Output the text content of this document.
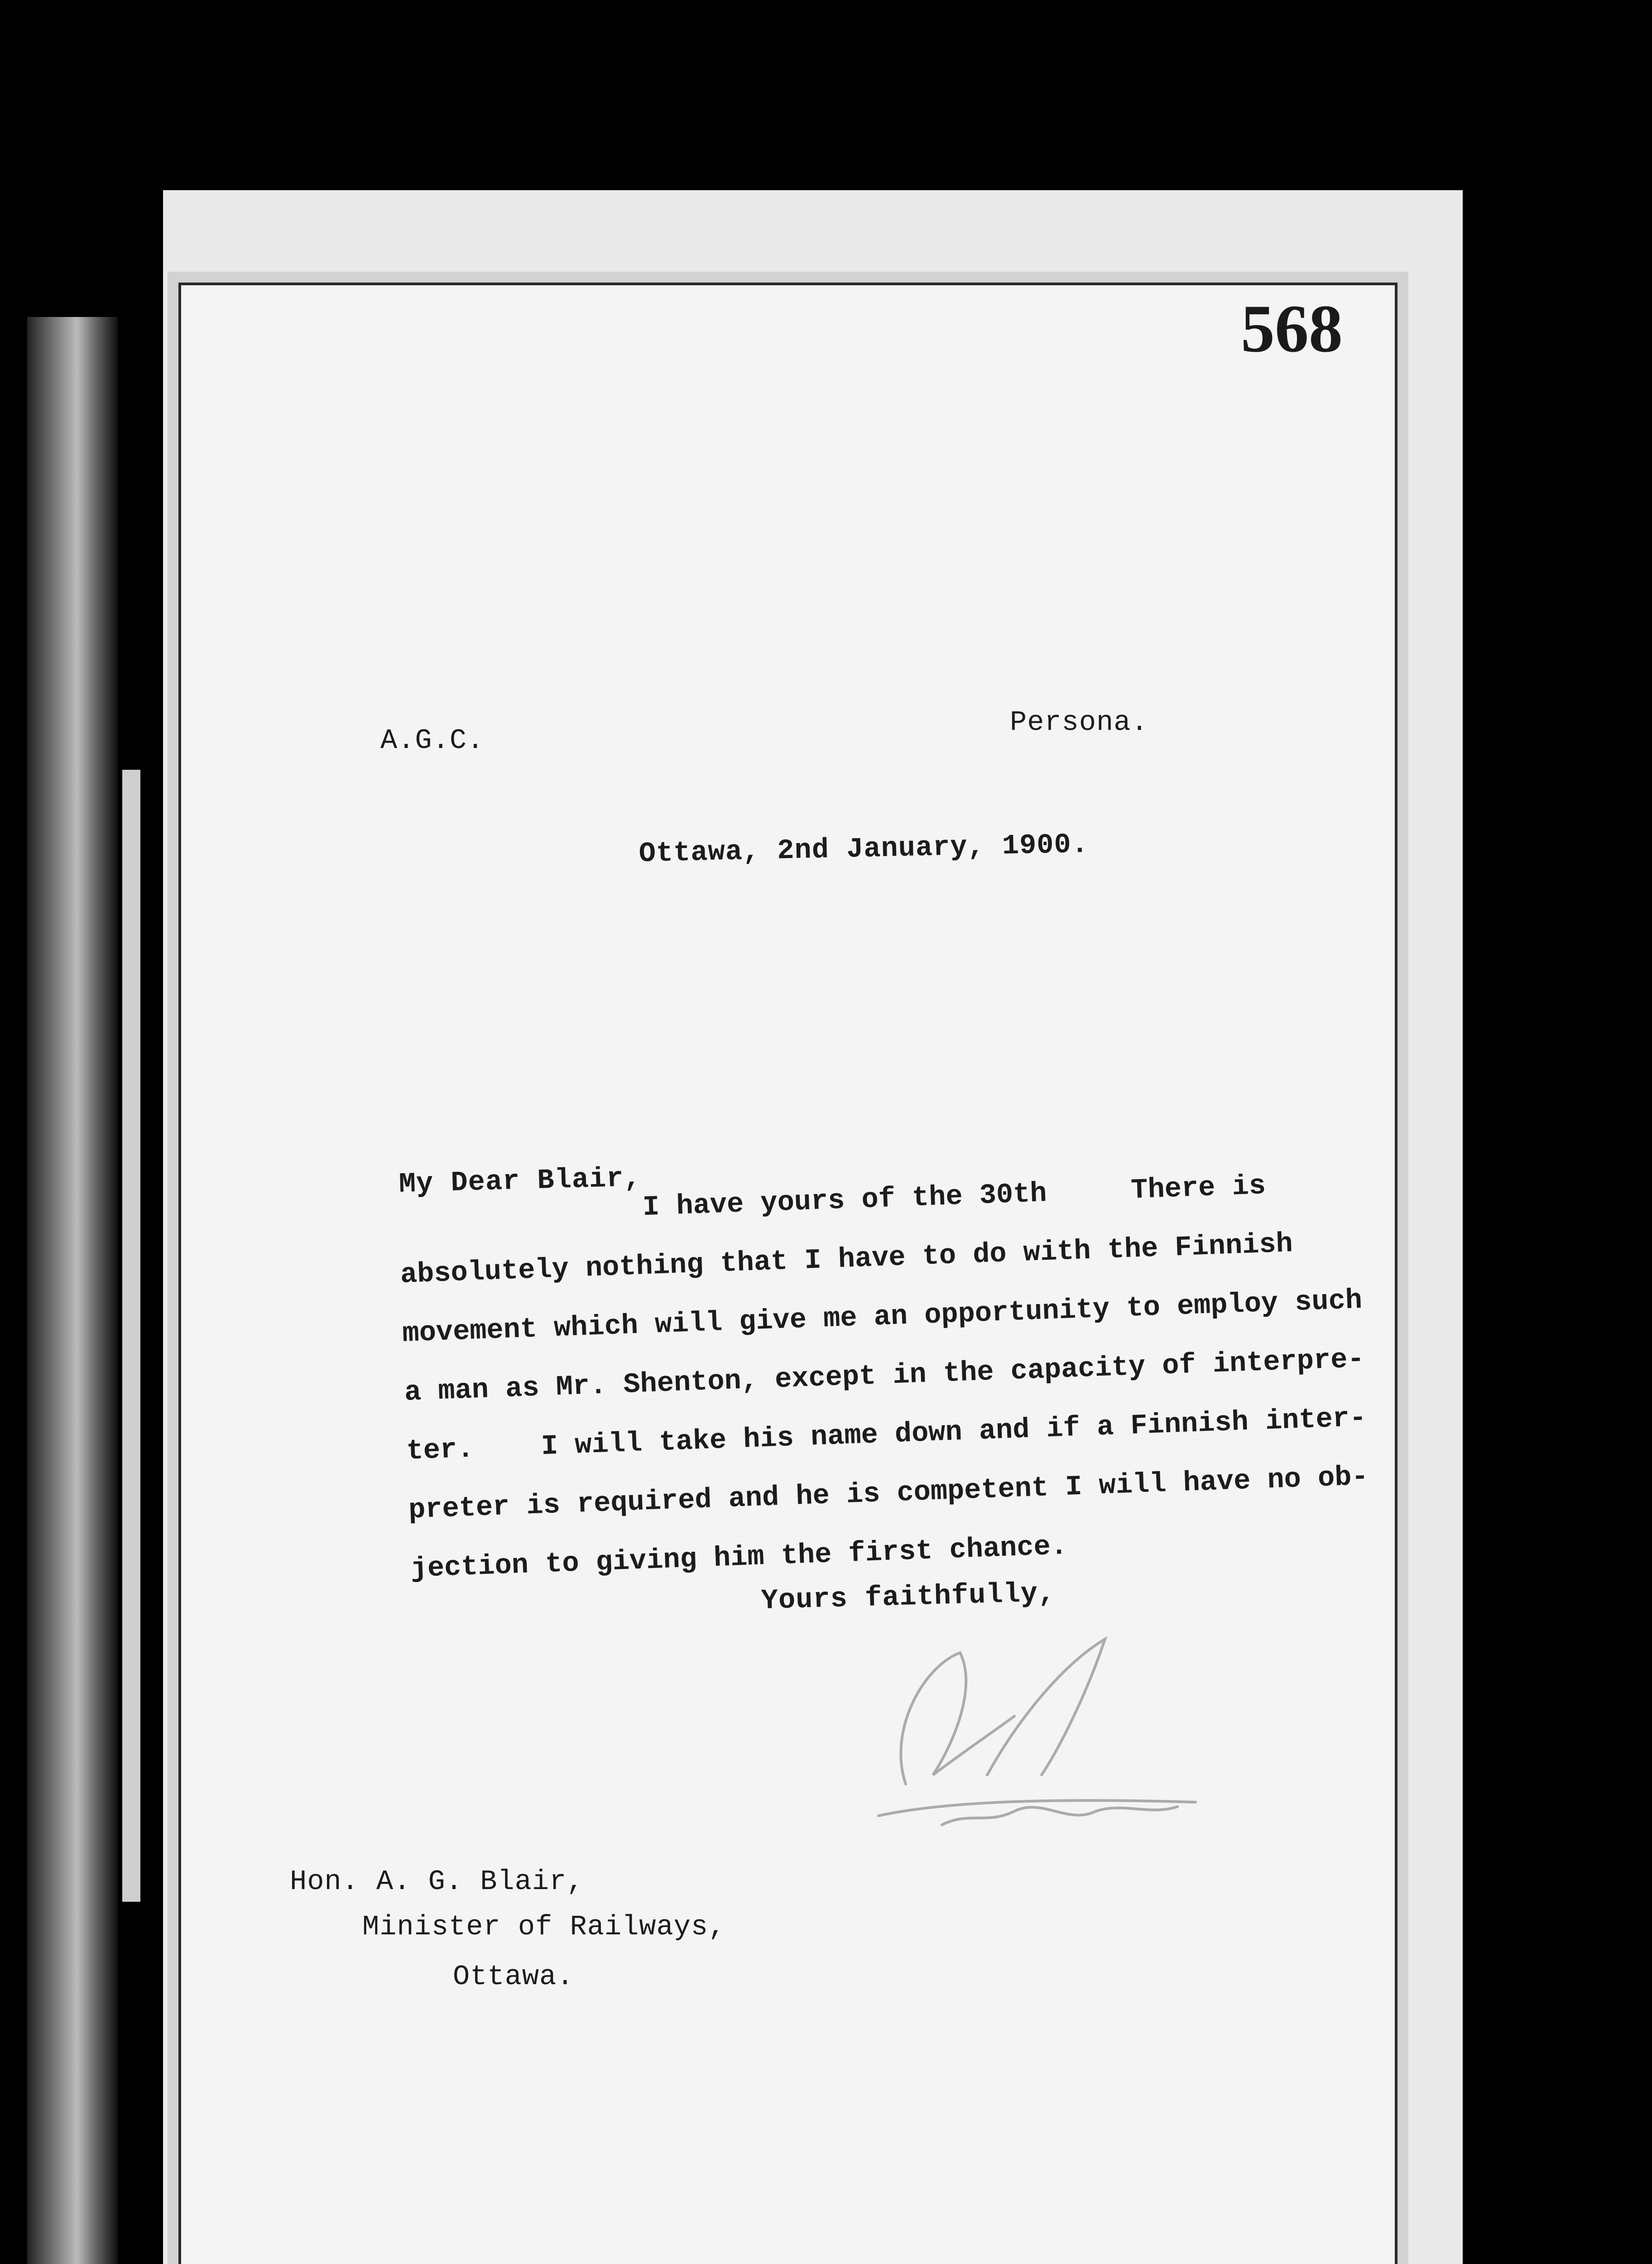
568
A.G.C.
Persona.
Ottawa, 2nd January, 1900.
My Dear Blair, I have yours of the 30th     There is
absolutely nothing that I have to do with the Finnish
movement which will give me an opportunity to employ such
a man as Mr. Shenton, except in the capacity of interpre-
ter.    I will take his name down and if a Finnish inter-
preter is required and he is competent I will have no ob-
jection to giving him the first chance.
Yours faithfully,
Hon. A. G. Blair,
Minister of Railways,
Ottawa.
